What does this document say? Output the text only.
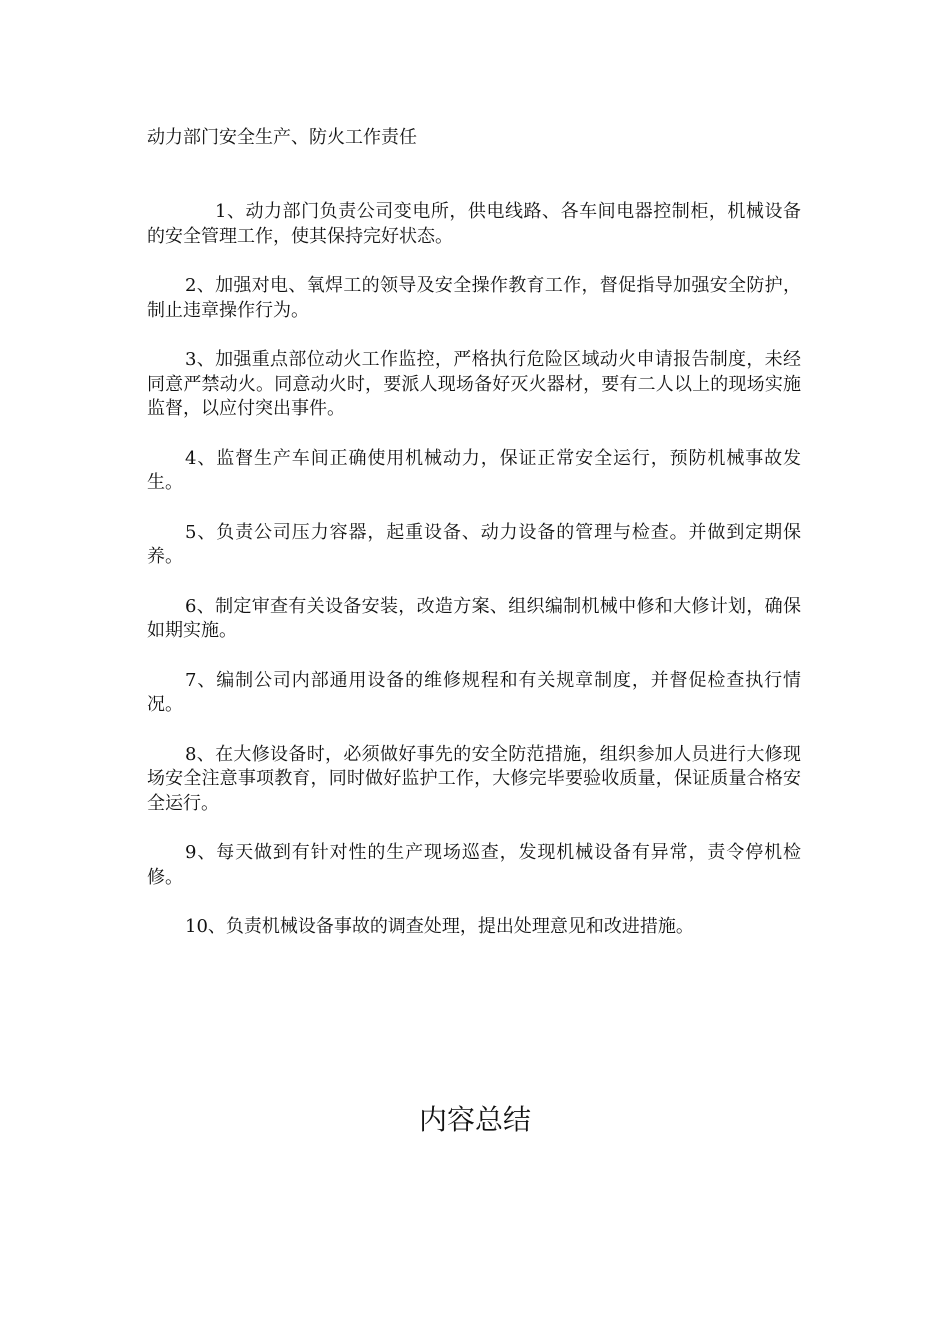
动力部门安全生产、防火工作责任

1、动力部门负责公司变电所，供电线路、各车间电器控制柜，机械设备的安全管理工作，使其保持完好状态。

2、加强对电、氧焊工的领导及安全操作教育工作，督促指导加强安全防护，制止违章操作行为。

3、加强重点部位动火工作监控，严格执行危险区域动火申请报告制度，未经同意严禁动火。同意动火时，要派人现场备好灭火器材，要有二人以上的现场实施监督，以应付突出事件。

4、监督生产车间正确使用机械动力，保证正常安全运行，预防机械事故发生。

5、负责公司压力容器，起重设备、动力设备的管理与检查。并做到定期保养。

6、制定审查有关设备安装，改造方案、组织编制机械中修和大修计划，确保如期实施。

7、编制公司内部通用设备的维修规程和有关规章制度，并督促检查执行情况。

8、在大修设备时，必须做好事先的安全防范措施，组织参加人员进行大修现场安全注意事项教育，同时做好监护工作，大修完毕要验收质量，保证质量合格安全运行。

9、每天做到有针对性的生产现场巡查，发现机械设备有异常，责令停机检修。

10、负责机械设备事故的调查处理，提出处理意见和改进措施。

内容总结
